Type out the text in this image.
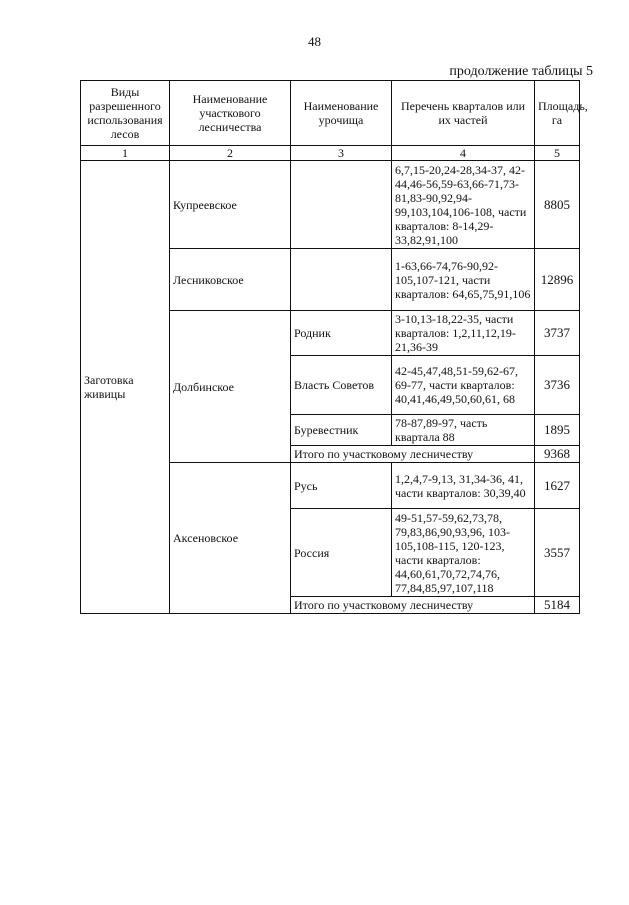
48
продолжение таблицы 5
Виды разрешенного использования лесов	Наименование участкового лесничества	Наименование урочища	Перечень кварталов или их частей	Площадь, га
1	2	3	4	5
Заготовка живицы	Купреевское		6,7,15-20,24-28,34-37, 42-44,46-56,59-63,66-71,73-81,83-90,92,94-99,103,104,106-108, части кварталов: 8-14,29- 33,82,91,100	8805
	Лесниковское		1-63,66-74,76-90,92-105,107-121, части кварталов: 64,65,75,91,106	12896
	Долбинское	Родник	3-10,13-18,22-35, части кварталов: 1,2,11,12,19-21,36-39	3737
		Власть Советов	42-45,47,48,51-59,62-67, 69-77, части кварталов: 40,41,46,49,50,60,61, 68	3736
		Буревестник	78-87,89-97, часть квартала 88	1895
		Итого по участковому лесничеству		9368
	Аксеновское	Русь	1,2,4,7-9,13, 31,34-36, 41, части кварталов: 30,39,40	1627
		Россия	49-51,57-59,62,73,78, 79,83,86,90,93,96, 103-105,108-115, 120-123, части кварталов: 44,60,61,70,72,74,76, 77,84,85,97,107,118	3557
		Итого по участковому лесничеству		5184
